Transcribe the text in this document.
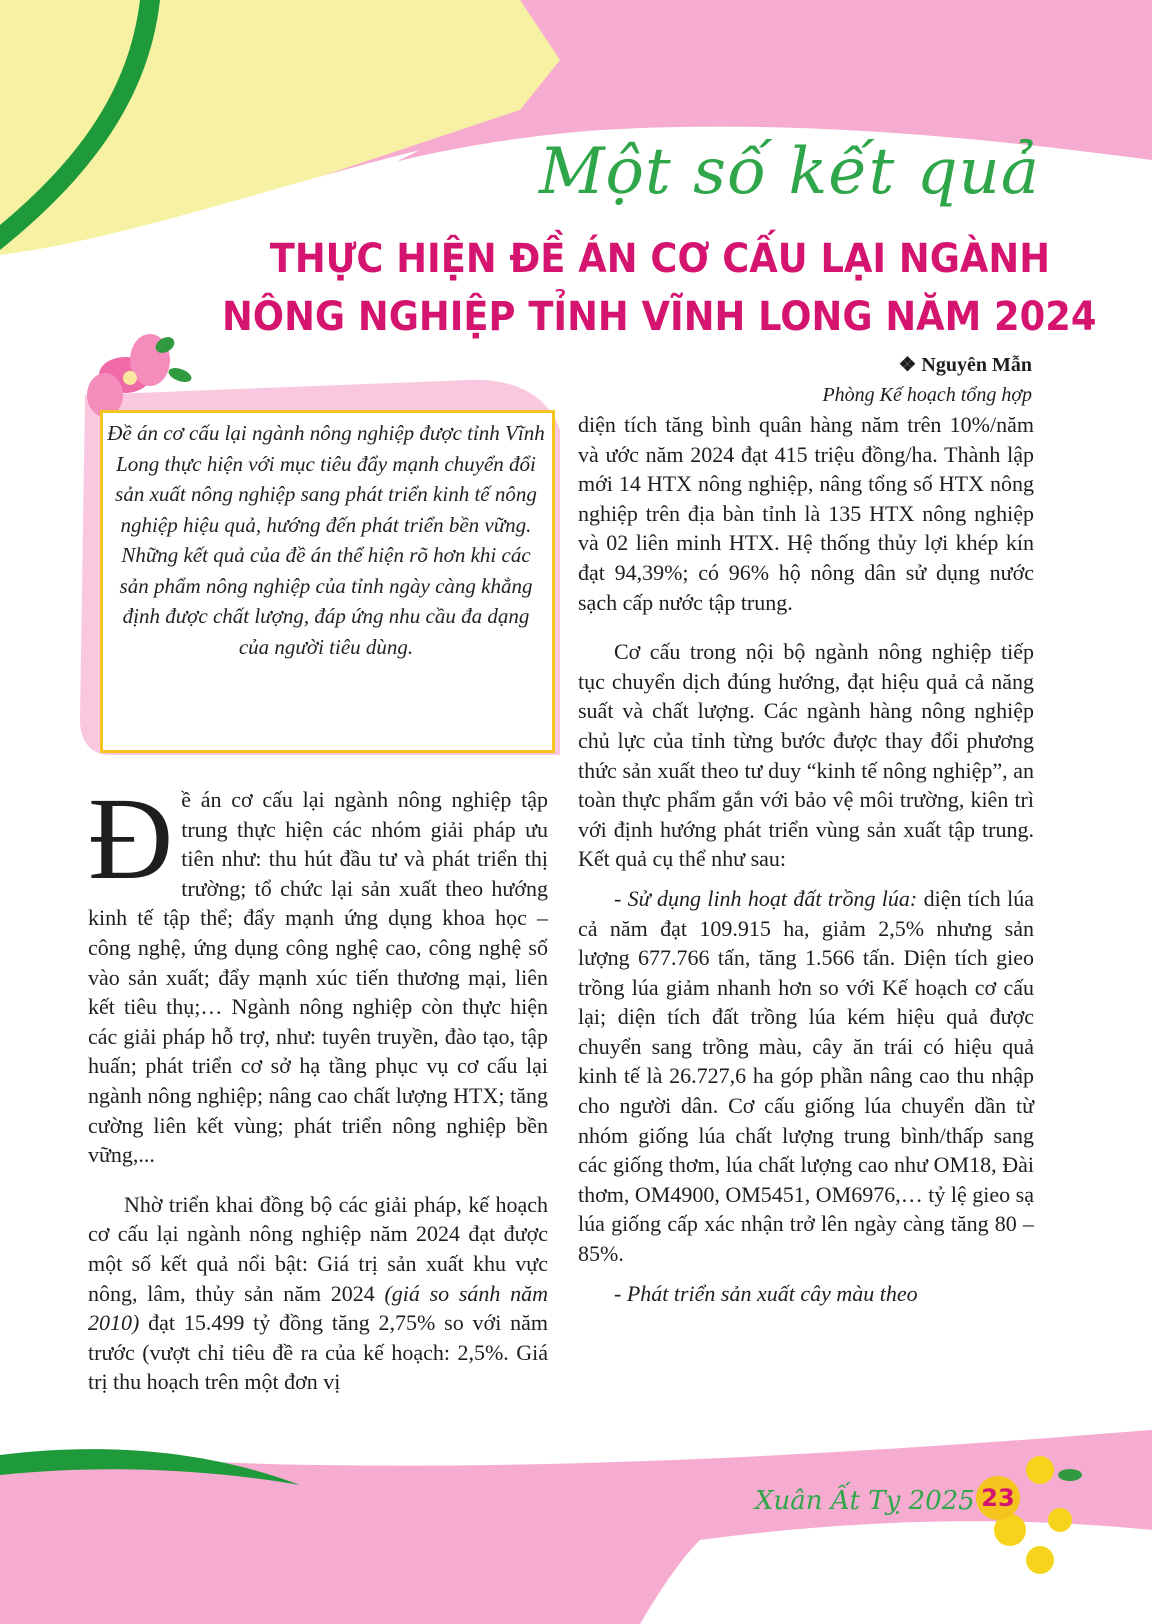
Một số kết quả
THỰC HIỆN ĐỀ ÁN CƠ CẤU LẠI NGÀNH
NÔNG NGHIỆP TỈNH VĨNH LONG NĂM 2024
❖ Nguyên Mẫn
Phòng Kế hoạch tổng hợp
Đề án cơ cấu lại ngành nông nghiệp được tỉnh Vĩnh Long thực hiện với mục tiêu đẩy mạnh chuyển đổi sản xuất nông nghiệp sang phát triển kinh tế nông nghiệp hiệu quả, hướng đến phát triển bền vững. Những kết quả của đề án thể hiện rõ hơn khi các sản phẩm nông nghiệp của tỉnh ngày càng khẳng định được chất lượng, đáp ứng nhu cầu đa dạng của người tiêu dùng.

Đề án cơ cấu lại ngành nông nghiệp tập trung thực hiện các nhóm giải pháp ưu tiên như: thu hút đầu tư và phát triển thị trường; tổ chức lại sản xuất theo hướng kinh tế tập thể; đẩy mạnh ứng dụng khoa học – công nghệ, ứng dụng công nghệ cao, công nghệ số vào sản xuất; đẩy mạnh xúc tiến thương mại, liên kết tiêu thụ;… Ngành nông nghiệp còn thực hiện các giải pháp hỗ trợ, như: tuyên truyền, đào tạo, tập huấn; phát triển cơ sở hạ tầng phục vụ cơ cấu lại ngành nông nghiệp; nâng cao chất lượng HTX; tăng cường liên kết vùng; phát triển nông nghiệp bền vững,...

Nhờ triển khai đồng bộ các giải pháp, kế hoạch cơ cấu lại ngành nông nghiệp năm 2024 đạt được một số kết quả nổi bật: Giá trị sản xuất khu vực nông, lâm, thủy sản năm 2024 (giá so sánh năm 2010) đạt 15.499 tỷ đồng tăng 2,75% so với năm trước (vượt chỉ tiêu đề ra của kế hoạch: 2,5%. Giá trị thu hoạch trên một đơn vị

diện tích tăng bình quân hàng năm trên 10%/năm và ước năm 2024 đạt 415 triệu đồng/ha. Thành lập mới 14 HTX nông nghiệp, nâng tổng số HTX nông nghiệp trên địa bàn tỉnh là 135 HTX nông nghiệp và 02 liên minh HTX. Hệ thống thủy lợi khép kín đạt 94,39%; có 96% hộ nông dân sử dụng nước sạch cấp nước tập trung.

Cơ cấu trong nội bộ ngành nông nghiệp tiếp tục chuyển dịch đúng hướng, đạt hiệu quả cả năng suất và chất lượng. Các ngành hàng nông nghiệp chủ lực của tỉnh từng bước được thay đổi phương thức sản xuất theo tư duy “kinh tế nông nghiệp”, an toàn thực phẩm gắn với bảo vệ môi trường, kiên trì với định hướng phát triển vùng sản xuất tập trung. Kết quả cụ thể như sau:

- Sử dụng linh hoạt đất trồng lúa: diện tích lúa cả năm đạt 109.915 ha, giảm 2,5% nhưng sản lượng 677.766 tấn, tăng 1.566 tấn. Diện tích gieo trồng lúa giảm nhanh hơn so với Kế hoạch cơ cấu lại; diện tích đất trồng lúa kém hiệu quả được chuyển sang trồng màu, cây ăn trái có hiệu quả kinh tế là 26.727,6 ha góp phần nâng cao thu nhập cho người dân. Cơ cấu giống lúa chuyển dần từ nhóm giống lúa chất lượng trung bình/thấp sang các giống thơm, lúa chất lượng cao như OM18, Đài thơm, OM4900, OM5451, OM6976,… tỷ lệ gieo sạ lúa giống cấp xác nhận trở lên ngày càng tăng 80 – 85%.

- Phát triển sản xuất cây màu theo

Xuân Ất Tỵ 2025 23
